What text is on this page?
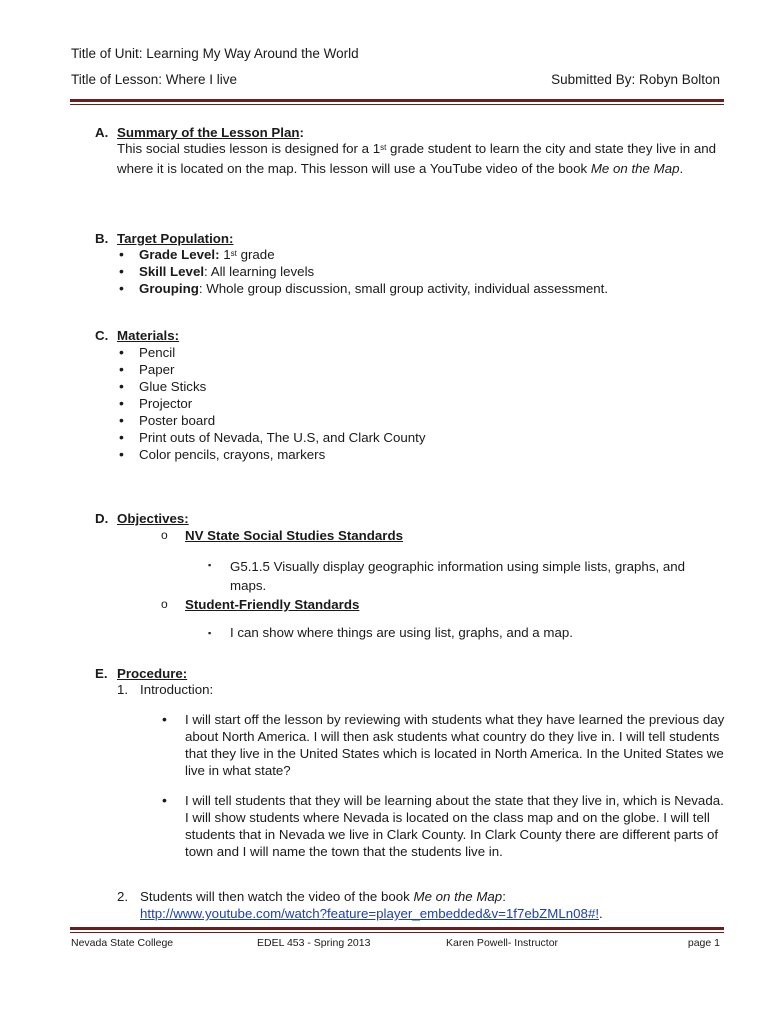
Title of Unit: Learning My Way Around the World
Title of Lesson: Where I live	Submitted By: Robyn Bolton
A. Summary of the Lesson Plan:
This social studies lesson is designed for a 1st grade student to learn the city and state they live in and where it is located on the map. This lesson will use a YouTube video of the book Me on the Map.
B. Target Population:
• Grade Level: 1st grade
• Skill Level: All learning levels
• Grouping: Whole group discussion, small group activity, individual assessment.
C. Materials:
• Pencil
• Paper
• Glue Sticks
• Projector
• Poster board
• Print outs of Nevada, The U.S, and Clark County
• Color pencils, crayons, markers
D. Objectives:
o NV State Social Studies Standards
▪ G5.1.5 Visually display geographic information using simple lists, graphs, and maps.
o Student-Friendly Standards
▪ I can show where things are using list, graphs, and a map.
E. Procedure:
1. Introduction:
• I will start off the lesson by reviewing with students what they have learned the previous day about North America. I will then ask students what country do they live in. I will tell students that they live in the United States which is located in North America. In the United States we live in what state?
• I will tell students that they will be learning about the state that they live in, which is Nevada. I will show students where Nevada is located on the class map and on the globe. I will tell students that in Nevada we live in Clark County. In Clark County there are different parts of town and I will name the town that the students live in.
2. Students will then watch the video of the book Me on the Map:
http://www.youtube.com/watch?feature=player_embedded&v=1f7ebZMLn08#!.
Nevada State College	EDEL 453 - Spring 2013	Karen Powell- Instructor	page 1
